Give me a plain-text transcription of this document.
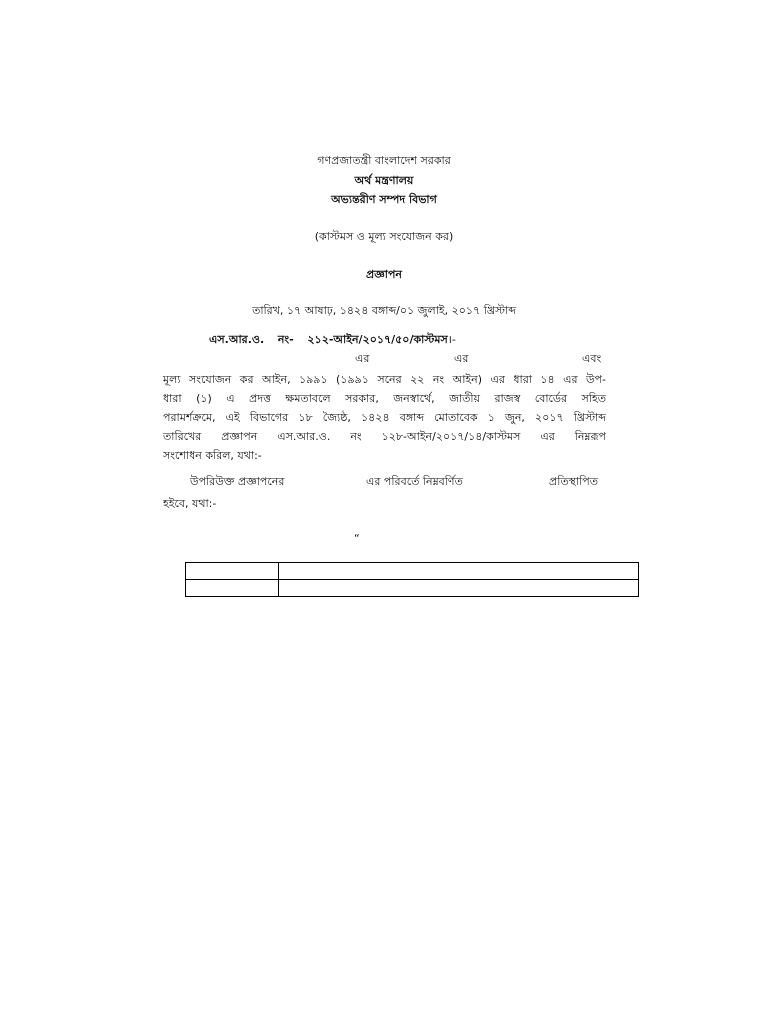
গণপ্রজাতন্ত্রী বাংলাদেশ সরকার
অর্থ মন্ত্রণালয়
অভ্যন্তরীণ সম্পদ বিভাগ
(কাস্টমস ও মূল্য সংযোজন কর)
প্রজ্ঞাপন
তারিখ, ১৭ আষাঢ়, ১৪২৪ বঙ্গাব্দ/০১ জুলাই, ২০১৭ খ্রিস্টাব্দ
এস.আর.ও. নং- ২১২-আইন/২০১৭/৫০/কাস্টমস।-
এর	এর	এবং
মূল্য সংযোজন কর আইন, ১৯৯১ (১৯৯১ সনের ২২ নং আইন) এর ধারা ১৪ এর উপ-
ধারা (১) এ প্রদত্ত ক্ষমতাবলে সরকার, জনস্বার্থে, জাতীয় রাজস্ব বোর্ডের সহিত
পরামর্শক্রমে, এই বিভাগের ১৮ জ্যৈষ্ঠ, ১৪২৪ বঙ্গাব্দ মোতাবেক ১ জুন, ২০১৭ খ্রিস্টাব্দ
তারিখের প্রজ্ঞাপন এস.আর.ও. নং ১২৮-আইন/২০১৭/১৪/কাস্টমস এর নিম্নরূপ
সংশোধন করিল, যথা:-
উপরিউক্ত প্রজ্ঞাপনের	এর পরিবর্তে নিম্নবর্ণিত	প্রতিস্থাপিত
হইবে, যথা:-
“
